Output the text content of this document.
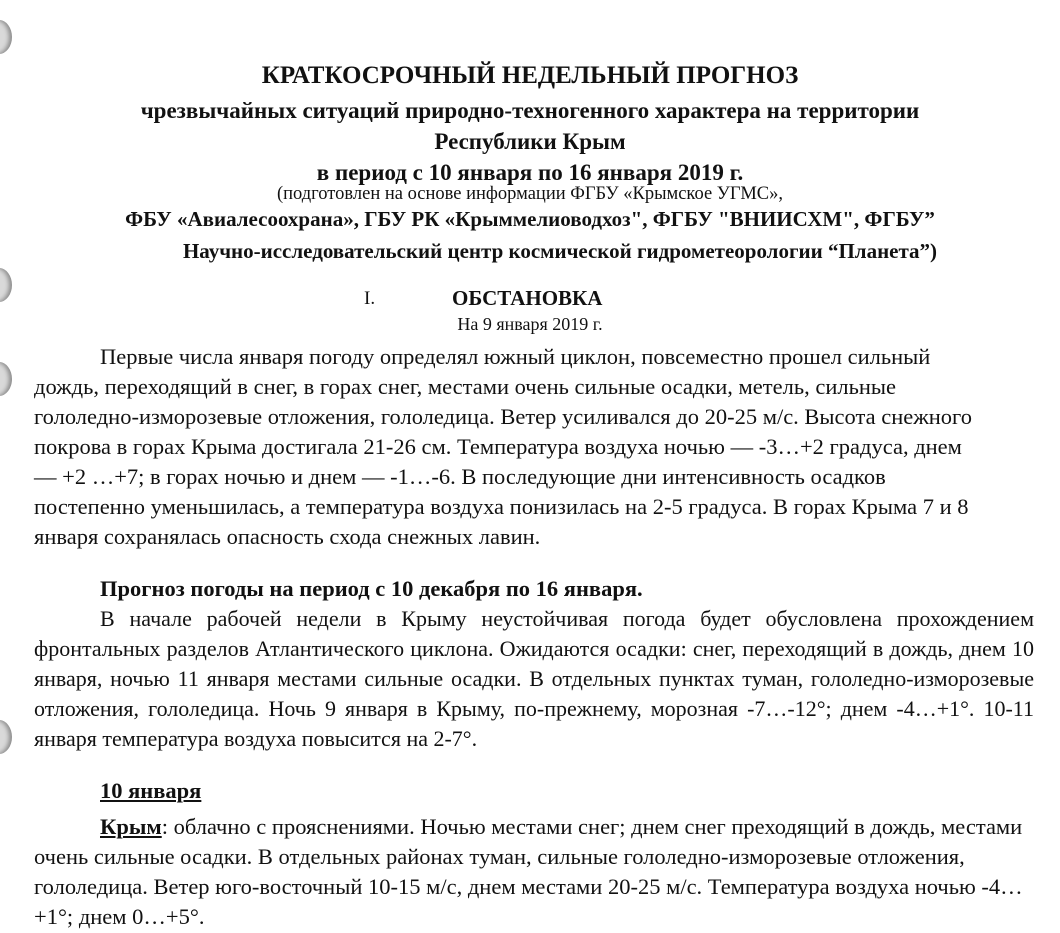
КРАТКОСРОЧНЫЙ НЕДЕЛЬНЫЙ ПРОГНОЗ
чрезвычайных ситуаций природно-техногенного характера на территории
Республики Крым
в период с 10 января по 16 января 2019 г.
(подготовлен на основе информации ФГБУ «Крымское УГМС»,
ФБУ «Авиалесоохрана», ГБУ РК «Крыммелиоводхоз", ФГБУ "ВНИИСХМ", ФГБУ”
Научно-исследовательский центр космической гидрометеорологии “Планета”)
I.	ОБСТАНОВКА
На 9 января 2019 г.

Первые числа января погоду определял южный циклон, повсеместно прошел сильный дождь, переходящий в снег, в горах снег, местами очень сильные осадки, метель, сильные гололедно-изморозевые отложения, гололедица. Ветер усиливался до 20-25 м/с. Высота снежного покрова в горах Крыма достигала 21-26 см. Температура воздуха ночью — -3…+2 градуса, днем — +2 …+7; в горах ночью и днем — -1…-6. В последующие дни интенсивность осадков постепенно уменьшилась, а температура воздуха понизилась на 2-5 градуса. В горах Крыма 7 и 8 января сохранялась опасность схода снежных лавин.

Прогноз погоды на период с 10 декабря по 16 января.

В начале рабочей недели в Крыму неустойчивая погода будет обусловлена прохождением фронтальных разделов Атлантического циклона. Ожидаются осадки: снег, переходящий в дождь, днем 10 января, ночью 11 января местами сильные осадки. В отдельных пунктах туман, гололедно-изморозевые отложения, гололедица. Ночь 9 января в Крыму, по-прежнему, морозная -7…-12°; днем -4…+1°. 10-11 января температура воздуха повысится на 2-7°.

10 января

Крым: облачно с прояснениями. Ночью местами снег; днем снег преходящий в дождь, местами очень сильные осадки. В отдельных районах туман, сильные гололедно-изморозевые отложения, гололедица. Ветер юго-восточный 10-15 м/с, днем местами 20-25 м/с. Температура воздуха ночью -4…+1°; днем 0…+5°.
